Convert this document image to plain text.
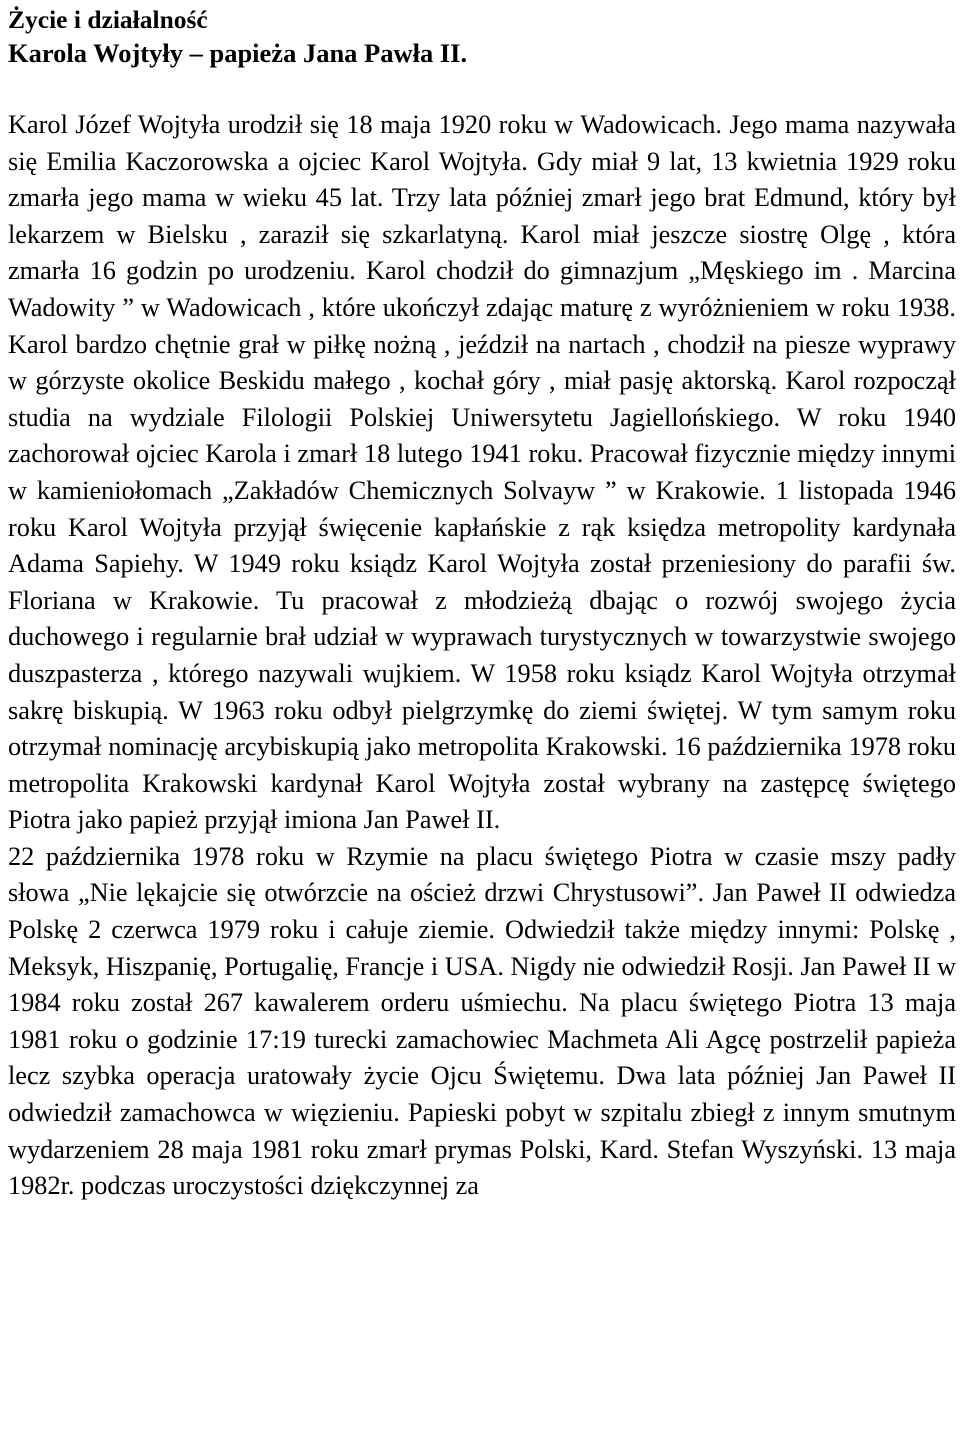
Życie i działalność
Karola Wojtyły – papieża Jana Pawła II.

Karol Józef Wojtyła urodził się 18 maja 1920 roku w Wadowicach. Jego mama nazywała się Emilia Kaczorowska a ojciec Karol Wojtyła. Gdy miał 9 lat, 13 kwietnia 1929 roku zmarła jego mama w wieku 45 lat. Trzy lata później zmarł jego brat Edmund, który był lekarzem w Bielsku , zaraził się szkarlatyną. Karol miał jeszcze siostrę Olgę , która zmarła 16 godzin po urodzeniu. Karol chodził do gimnazjum „Męskiego im . Marcina Wadowity ” w Wadowicach , które ukończył zdając maturę z wyróżnieniem w roku 1938. Karol bardzo chętnie grał w piłkę nożną , jeździł na nartach , chodził na piesze wyprawy w górzyste okolice Beskidu małego , kochał góry , miał pasję aktorską. Karol rozpoczął studia na wydziale Filologii Polskiej Uniwersytetu Jagiellońskiego. W roku 1940 zachorował ojciec Karola i zmarł 18 lutego 1941 roku. Pracował fizycznie między innymi w kamieniołomach „Zakładów Chemicznych Solvayw ” w Krakowie. 1 listopada 1946 roku Karol Wojtyła przyjął święcenie kapłańskie z rąk księdza metropolity kardynała Adama Sapiehy. W 1949 roku ksiądz Karol Wojtyła został przeniesiony do parafii św. Floriana w Krakowie. Tu pracował z młodzieżą dbając o rozwój swojego życia duchowego i regularnie brał udział w wyprawach turystycznych w towarzystwie swojego duszpasterza , którego nazywali wujkiem. W 1958 roku ksiądz Karol Wojtyła otrzymał sakrę biskupią. W 1963 roku odbył pielgrzymkę do ziemi świętej. W tym samym roku otrzymał nominację arcybiskupią jako metropolita Krakowski. 16 października 1978 roku metropolita Krakowski kardynał Karol Wojtyła został wybrany na zastępcę świętego Piotra jako papież przyjął imiona Jan Paweł II.

22 października 1978 roku w Rzymie na placu świętego Piotra w czasie mszy padły słowa „Nie lękajcie się otwórzcie na oścież drzwi Chrystusowi”. Jan Paweł II odwiedza Polskę 2 czerwca 1979 roku i całuje ziemie. Odwiedził także między innymi: Polskę , Meksyk, Hiszpanię, Portugalię, Francje i USA. Nigdy nie odwiedził Rosji. Jan Paweł II w 1984 roku został 267 kawalerem orderu uśmiechu. Na placu świętego Piotra 13 maja 1981 roku o godzinie 17:19 turecki zamachowiec Machmeta Ali Agcę postrzelił papieża lecz szybka operacja uratowały życie Ojcu Świętemu. Dwa lata później Jan Paweł II odwiedził zamachowca w więzieniu. Papieski pobyt w szpitalu zbiegł z innym smutnym wydarzeniem 28 maja 1981 roku zmarł prymas Polski, Kard. Stefan Wyszyński. 13 maja 1982r. podczas uroczystości dziękczynnej za
